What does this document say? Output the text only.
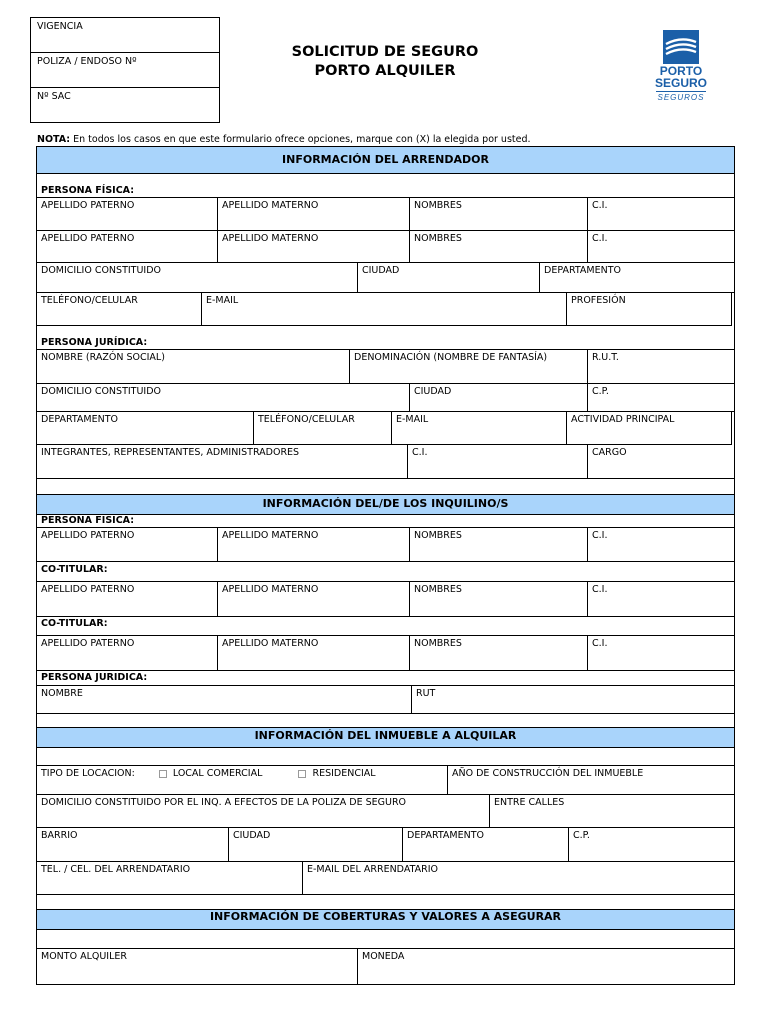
VIGENCIA
POLIZA / ENDOSO Nº
Nº SAC
SOLICITUD DE SEGURO
PORTO ALQUILER	PORTO
SEGURO
SEGUROS
NOTA: En todos los casos en que este formulario ofrece opciones, marque con (X) la elegida por usted.
INFORMACIÓN DEL ARRENDADOR
PERSONA FÍSICA:
APELLIDO PATERNO	APELLIDO MATERNO	NOMBRES	C.I.
APELLIDO PATERNO	APELLIDO MATERNO	NOMBRES	C.I.
DOMICILIO CONSTITUIDO	CIUDAD	DEPARTAMENTO
TELÉFONO/CELULAR	E-MAIL	PROFESIÓN
PERSONA JURÍDICA:
NOMBRE (RAZÓN SOCIAL)	DENOMINACIÓN (NOMBRE DE FANTASÍA)	R.U.T.
DOMICILIO CONSTITUIDO	CIUDAD	C.P.
DEPARTAMENTO	TELÉFONO/CELULAR	E-MAIL	ACTIVIDAD PRINCIPAL
INTEGRANTES, REPRESENTANTES, ADMINISTRADORES	C.I.	CARGO
INFORMACIÓN DEL/DE LOS INQUILINO/S
PERSONA FISICA:
APELLIDO PATERNO	APELLIDO MATERNO	NOMBRES	C.I.
CO-TITULAR:
APELLIDO PATERNO	APELLIDO MATERNO	NOMBRES	C.I.
CO-TITULAR:
APELLIDO PATERNO	APELLIDO MATERNO	NOMBRES	C.I.
PERSONA JURIDICA:
NOMBRE	RUT
INFORMACIÓN DEL INMUEBLE A ALQUILAR
TIPO DE LOCACION:	LOCAL COMERCIAL	RESIDENCIAL	AÑO DE CONSTRUCCIÓN DEL INMUEBLE
DOMICILIO CONSTITUIDO POR EL INQ. A EFECTOS DE LA POLIZA DE SEGURO	ENTRE CALLES
BARRIO	CIUDAD	DEPARTAMENTO	C.P.
TEL. / CEL. DEL ARRENDATARIO	E-MAIL DEL ARRENDATARIO
INFORMACIÓN DE COBERTURAS Y VALORES A ASEGURAR
MONTO ALQUILER	MONEDA
